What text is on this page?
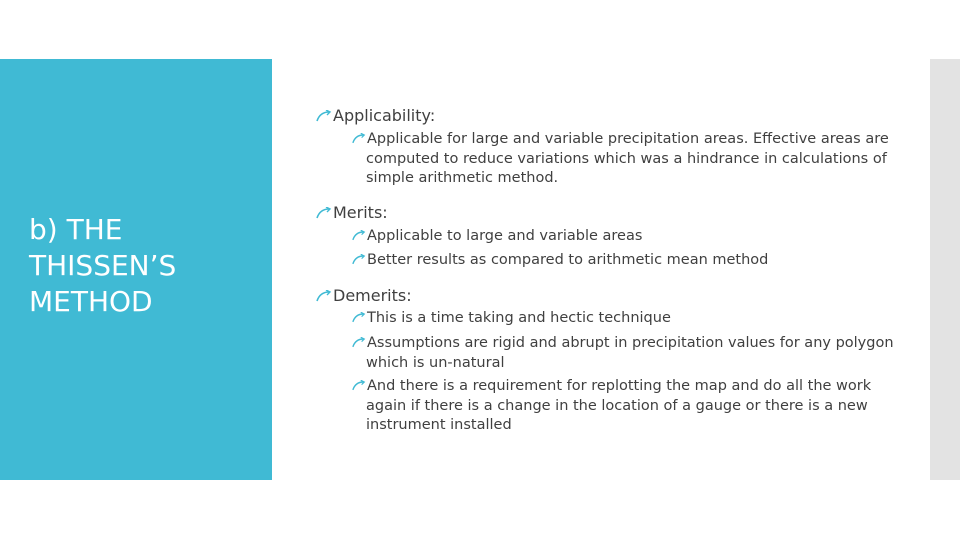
b) THE THISSEN’S METHOD
Applicability:
Applicable for large and variable precipitation areas. Effective areas are computed to reduce variations which was a hindrance in calculations of simple arithmetic method.
Merits:
Applicable to large and variable areas
Better results as compared to arithmetic mean method
Demerits:
This is a time taking and hectic technique
Assumptions are rigid and abrupt in precipitation values for any polygon which is un-natural
And there is a requirement for replotting the map and do all the work again if there is a change in the location of a gauge or there is a new instrument installed
